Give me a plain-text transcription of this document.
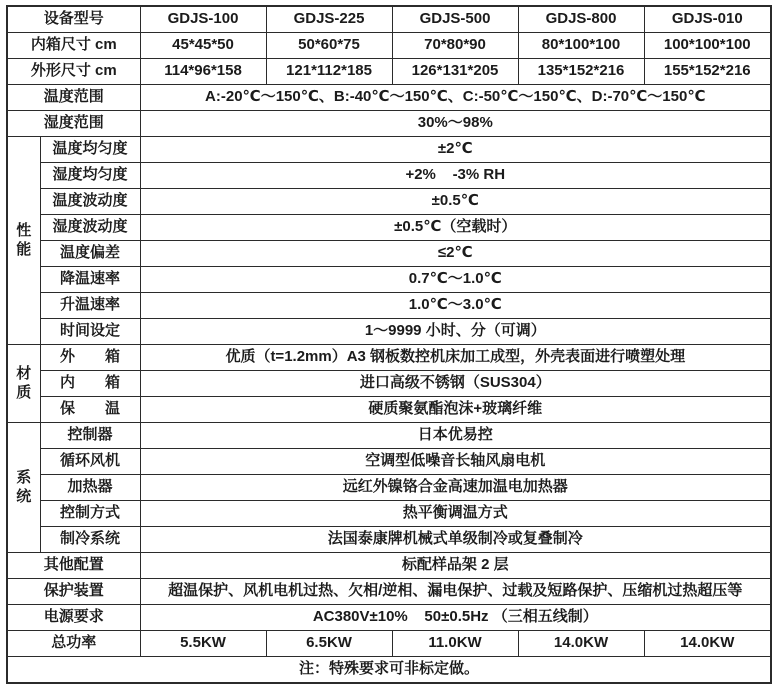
设备型号		GDJS-100	GDJS-225	GDJS-500	GDJS-800	GDJS-010
内箱尺寸 cm		45*45*50	50*60*75	70*80*90	80*100*100	100*100*100
外形尺寸 cm		114*96*158	121*112*185	126*131*205	135*152*216	155*152*216
温度范围		A:-20℃～150℃、B:-40℃～150℃、C:-50℃～150℃、D:-70℃～150℃				
湿度范围		30%～98%				
性能	温度均匀度	±2℃				
	湿度均匀度	+2%    -3% RH				
	温度波动度	±0.5℃				
	湿度波动度	±0.5℃（空载时）				
	温度偏差	≤2℃				
	降温速率	0.7℃～1.0℃				
	升温速率	1.0℃～3.0℃				
	时间设定	1～9999 小时、分（可调）				
材质	外　　箱	优质（t=1.2mm）A3 钢板数控机床加工成型，外壳表面进行喷塑处理				
	内　　箱	进口高级不锈钢（SUS304）				
	保　　温	硬质聚氨酯泡沫+玻璃纤维				
系统	控制器	日本优易控				
	循环风机	空调型低噪音长轴风扇电机				
	加热器	远红外镍铬合金高速加温电加热器				
	控制方式	热平衡调温方式				
	制冷系统	法国泰康牌机械式单级制冷或复叠制冷				
其他配置		标配样品架 2 层				
保护装置		超温保护、风机电机过热、欠相/逆相、漏电保护、过载及短路保护、压缩机过热超压等				
电源要求		AC380V±10%    50±0.5Hz （三相五线制）				
总功率		5.5KW	6.5KW	11.0KW	14.0KW	14.0KW
注：特殊要求可非标定做。						
